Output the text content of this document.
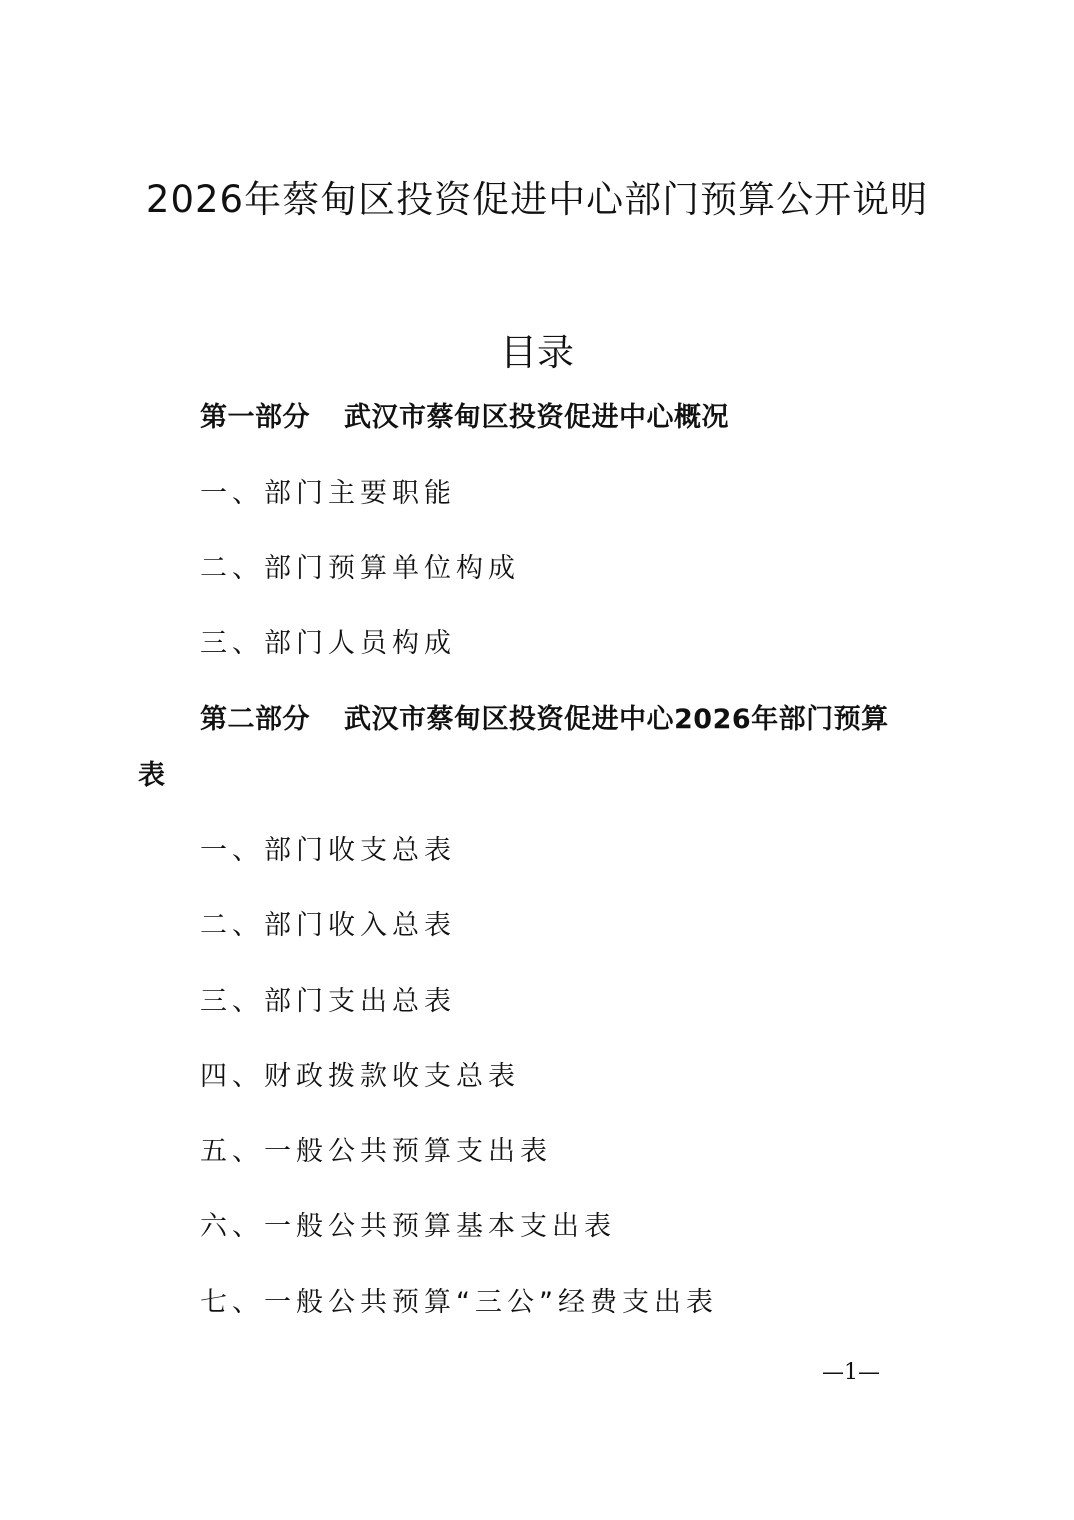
2026年蔡甸区投资促进中心部门预算公开说明
目录
第一部分 武汉市蔡甸区投资促进中心概况
一、部门主要职能
二、部门预算单位构成
三、部门人员构成
第二部分 武汉市蔡甸区投资促进中心2026年部门预算
表
一、部门收支总表
二、部门收入总表
三、部门支出总表
四、财政拨款收支总表
五、一般公共预算支出表
六、一般公共预算基本支出表
七、一般公共预算“三公”经费支出表
—1—
